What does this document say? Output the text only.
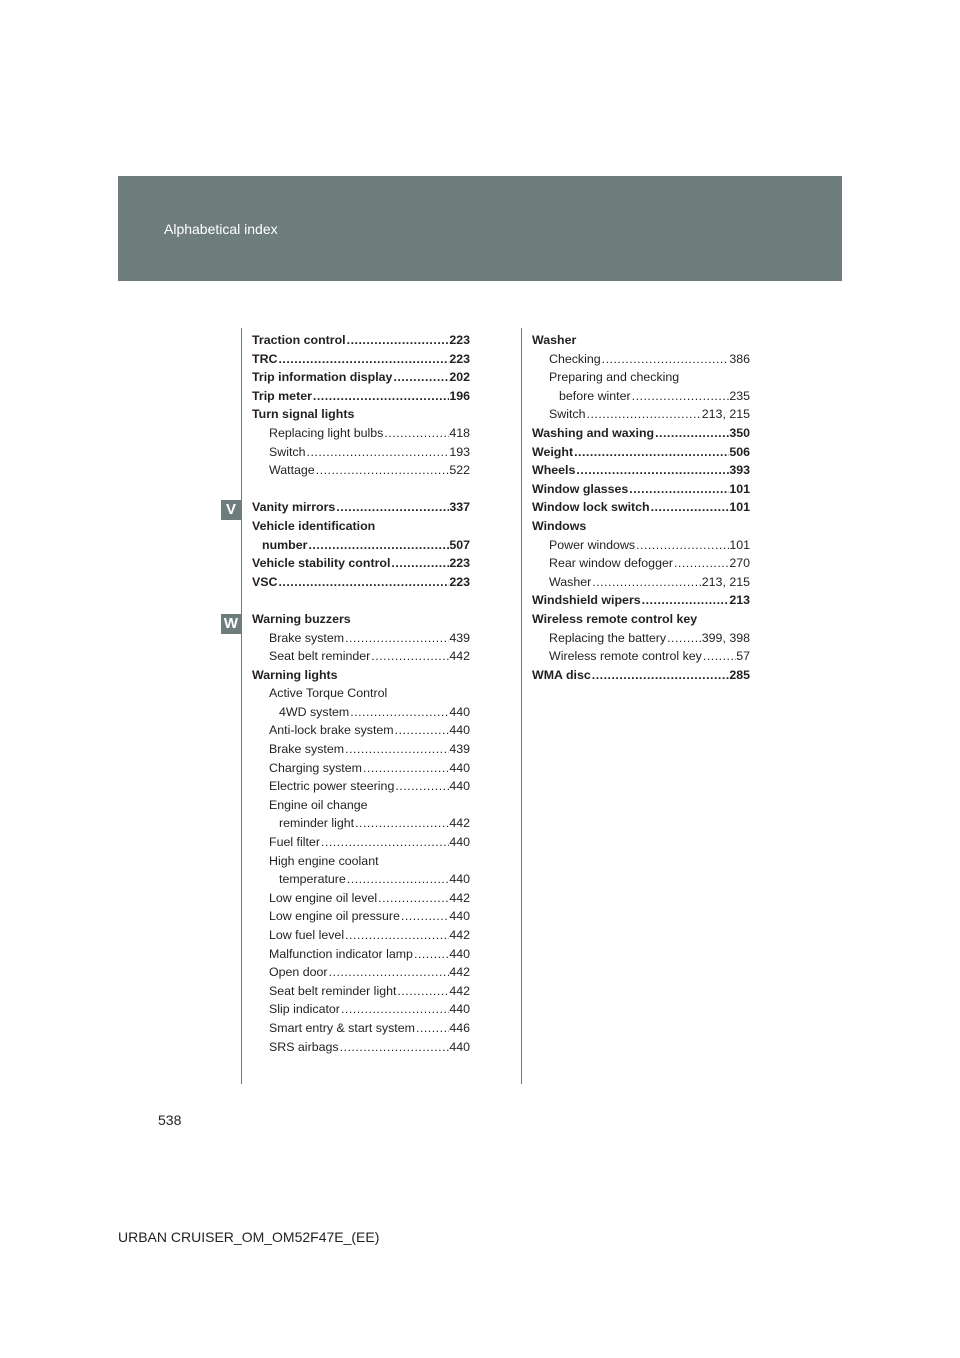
Alphabetical index
V
W
Traction control .....	223
TRC .....	223
Trip information display .....	202
Trip meter .....	196
Turn signal lights
Replacing light bulbs .....	418
Switch .....	193
Wattage .....	522
Vanity mirrors .....	337
Vehicle identification
number .....	507
Vehicle stability control .....	223
VSC .....	223
Warning buzzers
Brake system .....	439
Seat belt reminder .....	442
Warning lights
Active Torque Control
4WD system .....	440
Anti-lock brake system .....	440
Brake system .....	439
Charging system .....	440
Electric power steering .....	440
Engine oil change
reminder light .....	442
Fuel filter .....	440
High engine coolant
temperature .....	440
Low engine oil level .....	442
Low engine oil pressure .....	440
Low fuel level .....	442
Malfunction indicator lamp .....	440
Open door .....	442
Seat belt reminder light .....	442
Slip indicator .....	440
Smart entry & start system .....	446
SRS airbags .....	440
Washer
Checking .....	386
Preparing and checking
before winter .....	235
Switch .....	213, 215
Washing and waxing .....	350
Weight .....	506
Wheels .....	393
Window glasses .....	101
Window lock switch .....	101
Windows
Power windows .....	101
Rear window defogger .....	270
Washer .....	213, 215
Windshield wipers .....	213
Wireless remote control key
Replacing the battery .....	399, 398
Wireless remote control key .....	57
WMA disc .....	285
538
URBAN CRUISER_OM_OM52F47E_(EE)
